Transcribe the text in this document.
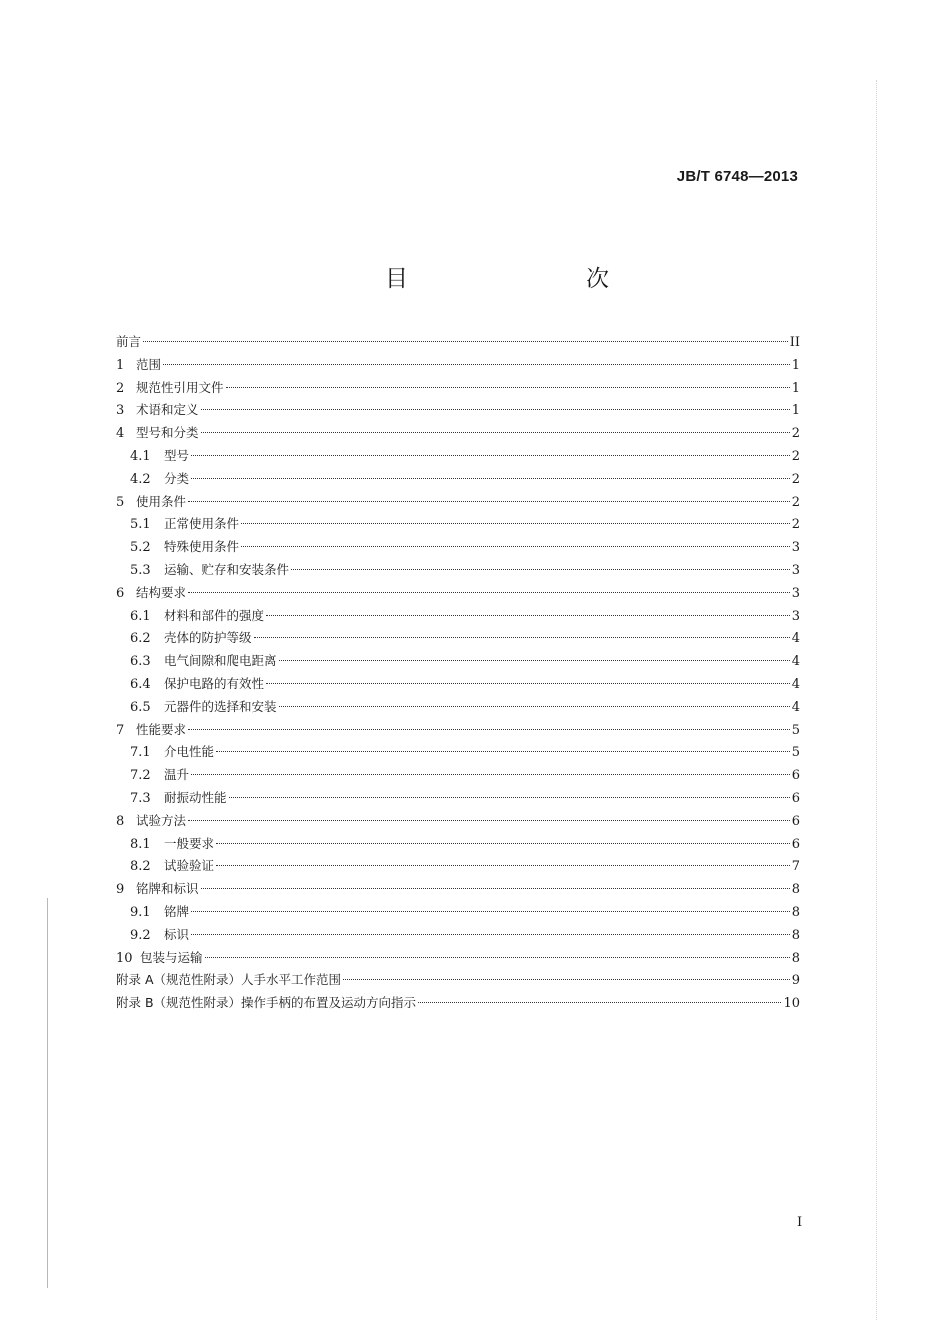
JB/T 6748—2013
目　　次
前言	II
1 范围	1
2 规范性引用文件	1
3 术语和定义	1
4 型号和分类	2
4.1	型号	2
4.2	分类	2
5 使用条件	2
5.1	正常使用条件	2
5.2	特殊使用条件	3
5.3	运输、贮存和安装条件	3
6 结构要求	3
6.1	材料和部件的强度	3
6.2	壳体的防护等级	4
6.3	电气间隙和爬电距离	4
6.4	保护电路的有效性	4
6.5	元器件的选择和安装	4
7 性能要求	5
7.1	介电性能	5
7.2	温升	6
7.3	耐振动性能	6
8 试验方法	6
8.1	一般要求	6
8.2	试验验证	7
9 铭牌和标识	8
9.1	铭牌	8
9.2	标识	8
10 包装与运输	8
附录 A（规范性附录）人手水平工作范围	9
附录 B（规范性附录）操作手柄的布置及运动方向指示	10
I
